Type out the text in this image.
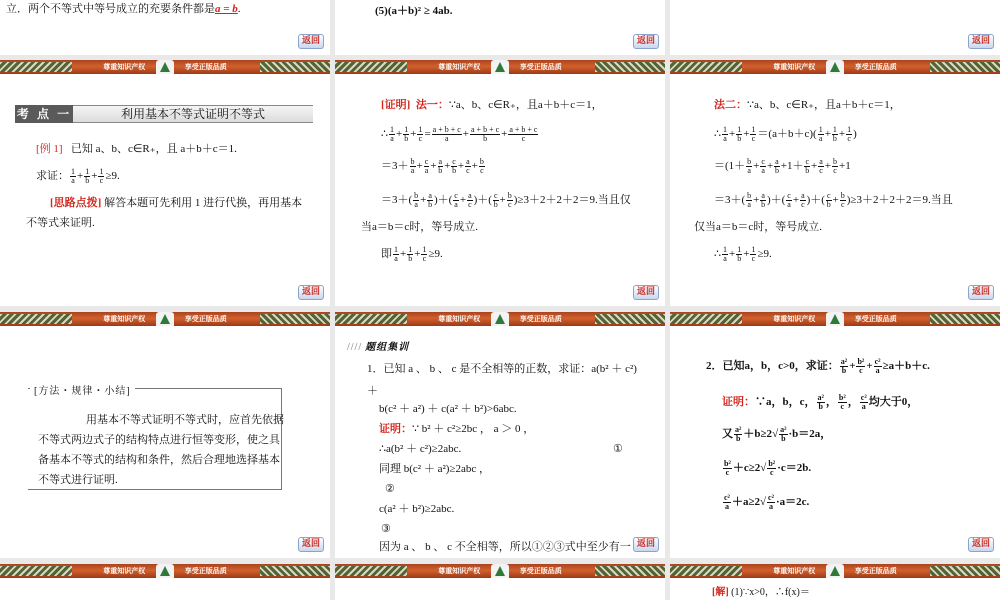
立．两个不等式中等号成立的充要条件都是a = b.
返回
(5)(a＋b)² ≥ 4ab.
返回	返回
尊重知识产权	享受正版品质
考 点 一	利用基本不等式证明不等式
[例 1] 已知 a、b、c∈R₊，且 a＋b＋c＝1.
求证： $\frac{1}{a} + \frac{1}{b} + \frac{1}{c} \ge 9$.
[思路点拨] 解答本题可先利用 1 进行代换，再用基本
不等式来证明.
返回
尊重知识产权	享受正版品质
[证明] 法一：∵a、b、c∈R₊，且a＋b＋c＝1，
∴ $\frac{1}{a} + \frac{1}{b} + \frac{1}{c} = \frac{a + b + c}{a} + \frac{a + b + c}{b} + \frac{a + b + c}{c}$
$=3+ \frac{b}{a} + \frac{c}{a} + \frac{a}{b} + \frac{c}{b} + \frac{a}{c} + \frac{b}{c}$
$=3+( \frac{b}{a} + \frac{a}{b}$ )＋( $\frac{c}{a} + \frac{a}{c}$ )＋( $\frac{c}{b} + \frac{b}{c} )\ge 3+2+2+2=9$.当且仅
当a＝b＝c时，等号成立.
即 $\frac{1}{a} + \frac{1}{b} + \frac{1}{c} \ge 9$.
返回
尊重知识产权	享受正版品质
法二：∵a、b、c∈R₊，且a＋b＋c＝1，
∴ $\frac{1}{a} + \frac{1}{b} + \frac{1}{c} =(a+b+c)( \frac{1}{a} + \frac{1}{b} + \frac{1}{c}$ )
$=(1+ \frac{b}{a} + \frac{c}{a} + \frac{a}{b} +1+ \frac{c}{b} + \frac{a}{c} + \frac{b}{c} +1$
$=3+( \frac{b}{a} + \frac{a}{b}$ )＋( $\frac{c}{a} + \frac{a}{c}$ )＋( $\frac{c}{b} + \frac{b}{c} )\ge 3+2+2+2=9$.当且
仅当a＝b＝c时，等号成立.
∴ $\frac{1}{a} + \frac{1}{b} + \frac{1}{c} \ge 9$.
返回
尊重知识产权	享受正版品质
[方法・规律・小结]
用基本不等式证明不等式时，应首先依据不等式两边式子的结构特点进行恒等变形，使之具备基本不等式的结构和条件，然后合理地选择基本不等式进行证明.
返回
尊重知识产权	享受正版品质
//// 题组集训
1．已知 a 、 b 、 c 是不全相等的正数，求证：a(b² ＋ c²)
＋
b(c² ＋ a²) ＋ c(a² ＋ b²)>6abc.
证明：∵ b² ＋ c²≥2bc ， a ＞ 0 ，
∴a(b² ＋ c²)≥2abc.	①
同理 b(c² ＋ a²)≥2abc ，
②
c(a² ＋ b²)≥2abc.
③
因为 a 、 b 、 c 不全相等，所以①②③式中至少有一 返回
尊重知识产权	享受正版品质
2．已知a，b，c>0，求证： $\frac{\text{a²}}{b} + \frac{\text{b²}}{c} + \frac{\text{c²}}{a} \ge a+b+c$.
证明：∵a，b，c， $\frac{\text{a²}}{b}$ ， $\frac{\text{b²}}{c}$ ， $\frac{\text{c²}}{a}$ 均大于0，
又 $\frac{\text{a²}}{b} +b\ge 2√ \frac{\text{a²}}{b} \cdot b=2a$，
$\frac{\text{b²}}{c} +c\ge 2√ \frac{\text{b²}}{c} \cdot c=2b$.
$\frac{\text{c²}}{a} +a\ge 2√ \frac{\text{c²}}{a} \cdot a=2c$.
返回
尊重知识产权	享受正版品质	尊重知识产权	享受正版品质	尊重知识产权	享受正版品质
[解] (1)∵x>0，∴f(x)＝
